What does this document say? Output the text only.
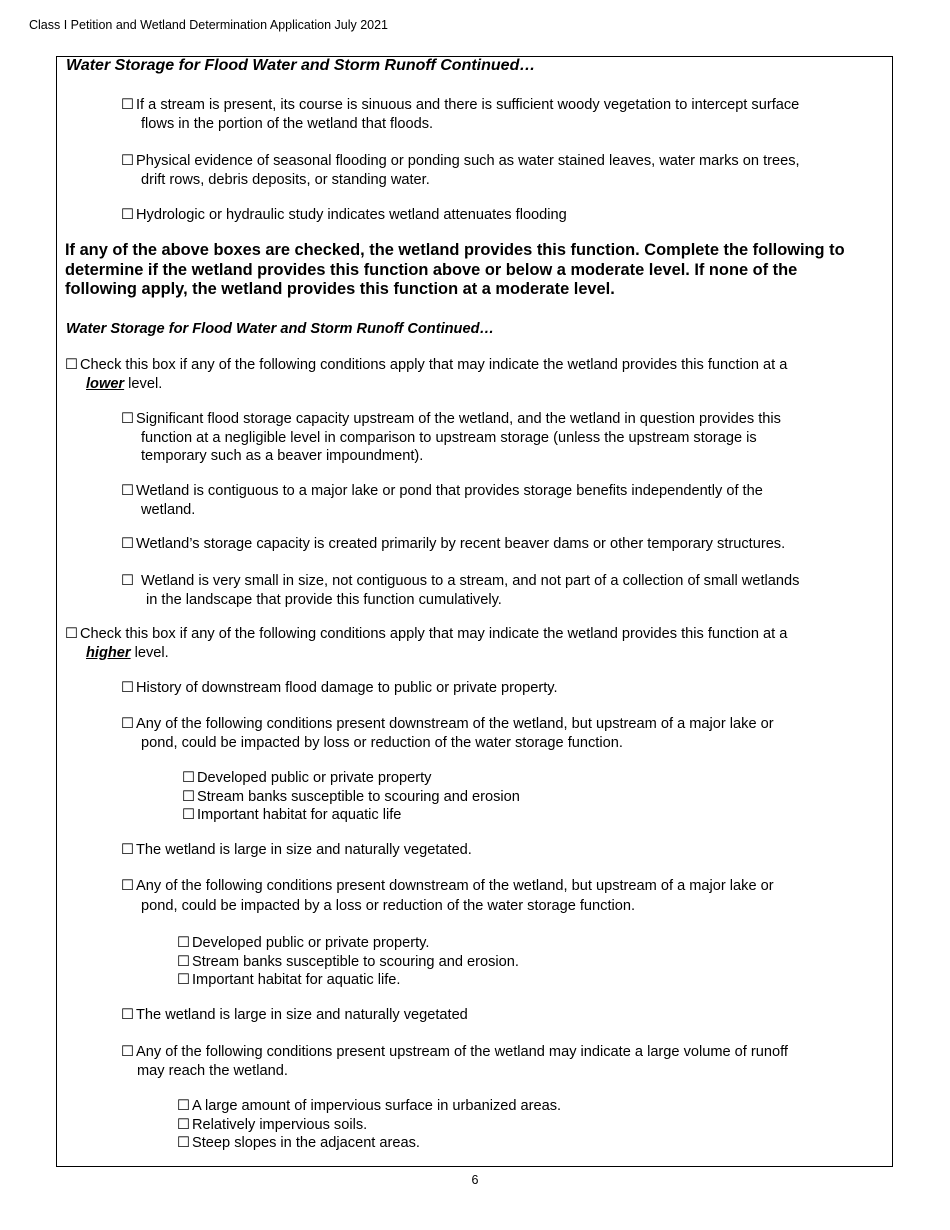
Class I Petition and Wetland Determination Application July 2021
Water Storage for Flood Water and Storm Runoff Continued…
☐ If a stream is present, its course is sinuous and there is sufficient woody vegetation to intercept surface
flows in the portion of the wetland that floods.
☐ Physical evidence of seasonal flooding or ponding such as water stained leaves, water marks on trees,
drift rows, debris deposits, or standing water.
☐ Hydrologic or hydraulic study indicates wetland attenuates flooding
If any of the above boxes are checked, the wetland provides this function. Complete the following to
determine if the wetland provides this function above or below a moderate level. If none of the
following apply, the wetland provides this function at a moderate level.
Water Storage for Flood Water and Storm Runoff Continued…
☐ Check this box if any of the following conditions apply that may indicate the wetland provides this function at a
lower level.
☐ Significant flood storage capacity upstream of the wetland, and the wetland in question provides this
function at a negligible level in comparison to upstream storage (unless the upstream storage is
temporary such as a beaver impoundment).
☐ Wetland is contiguous to a major lake or pond that provides storage benefits independently of the
wetland.
☐ Wetland’s storage capacity is created primarily by recent beaver dams or other temporary structures.
☐ Wetland is very small in size, not contiguous to a stream, and not part of a collection of small wetlands
in the landscape that provide this function cumulatively.
☐ Check this box if any of the following conditions apply that may indicate the wetland provides this function at a
higher level.
☐ History of downstream flood damage to public or private property.
☐ Any of the following conditions present downstream of the wetland, but upstream of a major lake or
pond, could be impacted by loss or reduction of the water storage function.
☐ Developed public or private property
☐ Stream banks susceptible to scouring and erosion
☐ Important habitat for aquatic life
☐ The wetland is large in size and naturally vegetated.
☐ Any of the following conditions present downstream of the wetland, but upstream of a major lake or
pond, could be impacted by a loss or reduction of the water storage function.
☐ Developed public or private property.
☐ Stream banks susceptible to scouring and erosion.
☐ Important habitat for aquatic life.
☐ The wetland is large in size and naturally vegetated
☐ Any of the following conditions present upstream of the wetland may indicate a large volume of runoff
may reach the wetland.
☐ A large amount of impervious surface in urbanized areas.
☐ Relatively impervious soils.
☐ Steep slopes in the adjacent areas.
6
